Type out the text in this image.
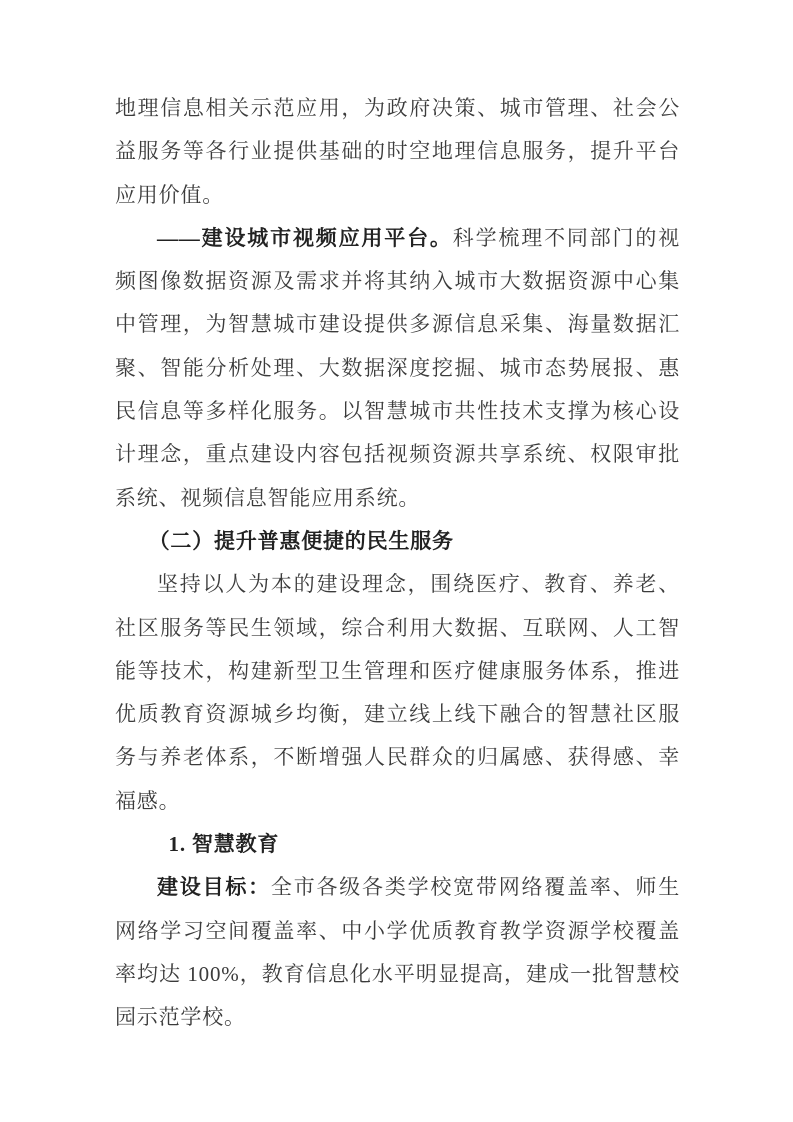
地理信息相关示范应用，为政府决策、城市管理、社会公益服务等各行业提供基础的时空地理信息服务，提升平台应用价值。

——建设城市视频应用平台。科学梳理不同部门的视频图像数据资源及需求并将其纳入城市大数据资源中心集中管理，为智慧城市建设提供多源信息采集、海量数据汇聚、智能分析处理、大数据深度挖掘、城市态势展报、惠民信息等多样化服务。以智慧城市共性技术支撑为核心设计理念，重点建设内容包括视频资源共享系统、权限审批系统、视频信息智能应用系统。

（二）提升普惠便捷的民生服务

坚持以人为本的建设理念，围绕医疗、教育、养老、社区服务等民生领域，综合利用大数据、互联网、人工智能等技术，构建新型卫生管理和医疗健康服务体系，推进优质教育资源城乡均衡，建立线上线下融合的智慧社区服务与养老体系，不断增强人民群众的归属感、获得感、幸福感。

1. 智慧教育

建设目标：全市各级各类学校宽带网络覆盖率、师生网络学习空间覆盖率、中小学优质教育教学资源学校覆盖率均达 100%，教育信息化水平明显提高，建成一批智慧校园示范学校。
